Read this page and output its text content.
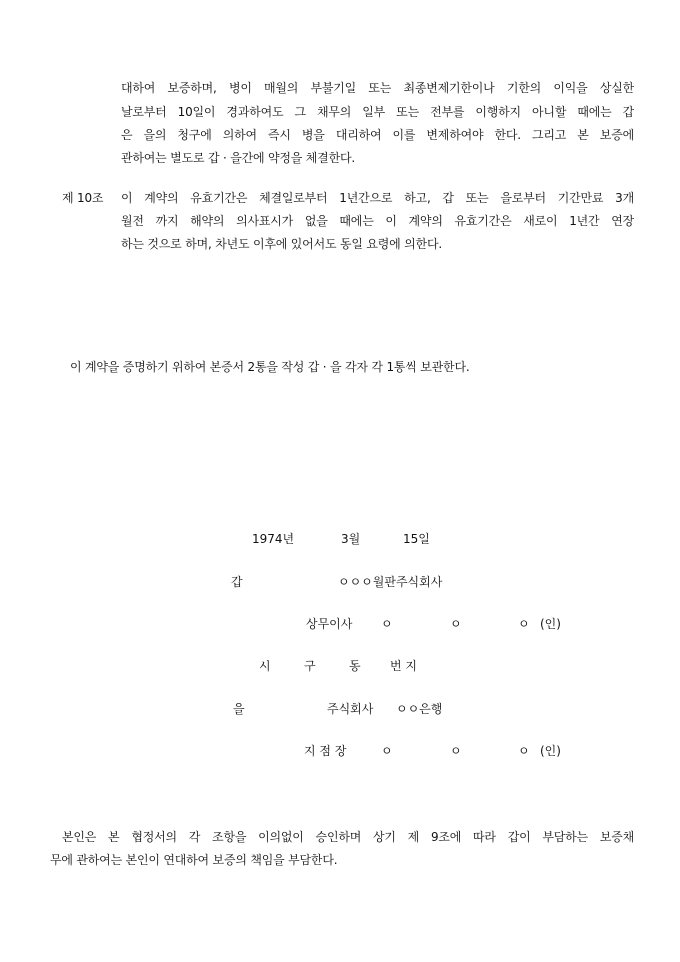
대하여 보증하며, 병이 매월의 부불기일 또는 최종변제기한이나 기한의 이익을 상실한
날로부터 10일이 경과하여도 그 채무의 일부 또는 전부를 이행하지 아니할 때에는 갑
은 을의 청구에 의하여 즉시 병을 대리하여 이를 변제하여야 한다. 그리고 본 보증에
관하여는 별도로 갑 · 을간에 약정을 체결한다.
제 10조 이 계약의 유효기간은 체결일로부터 1년간으로 하고, 갑 또는 을로부터 기간만료 3개
월전 까지 해약의 의사표시가 없을 때에는 이 계약의 유효기간은 새로이 1년간 연장
하는 것으로 하며, 차년도 이후에 있어서도 동일 요령에 의한다.
이 계약을 증명하기 위하여 본증서 2통을 작성 갑 · 을 각자 각 1통씩 보관한다.
1974년	3월	15일
갑	ㅇㅇㅇ월판주식회사
상무이사 ㅇ	ㅇ	ㅇ (인)
시	구	동 번 지
을	주식회사 ㅇㅇ은행
지 점 장	ㅇ	ㅇ	ㅇ (인)
본인은 본 협정서의 각 조항을 이의없이 승인하며 상기 제 9조에 따라 갑이 부담하는 보증채
무에 관하여는 본인이 연대하여 보증의 책임을 부담한다.
